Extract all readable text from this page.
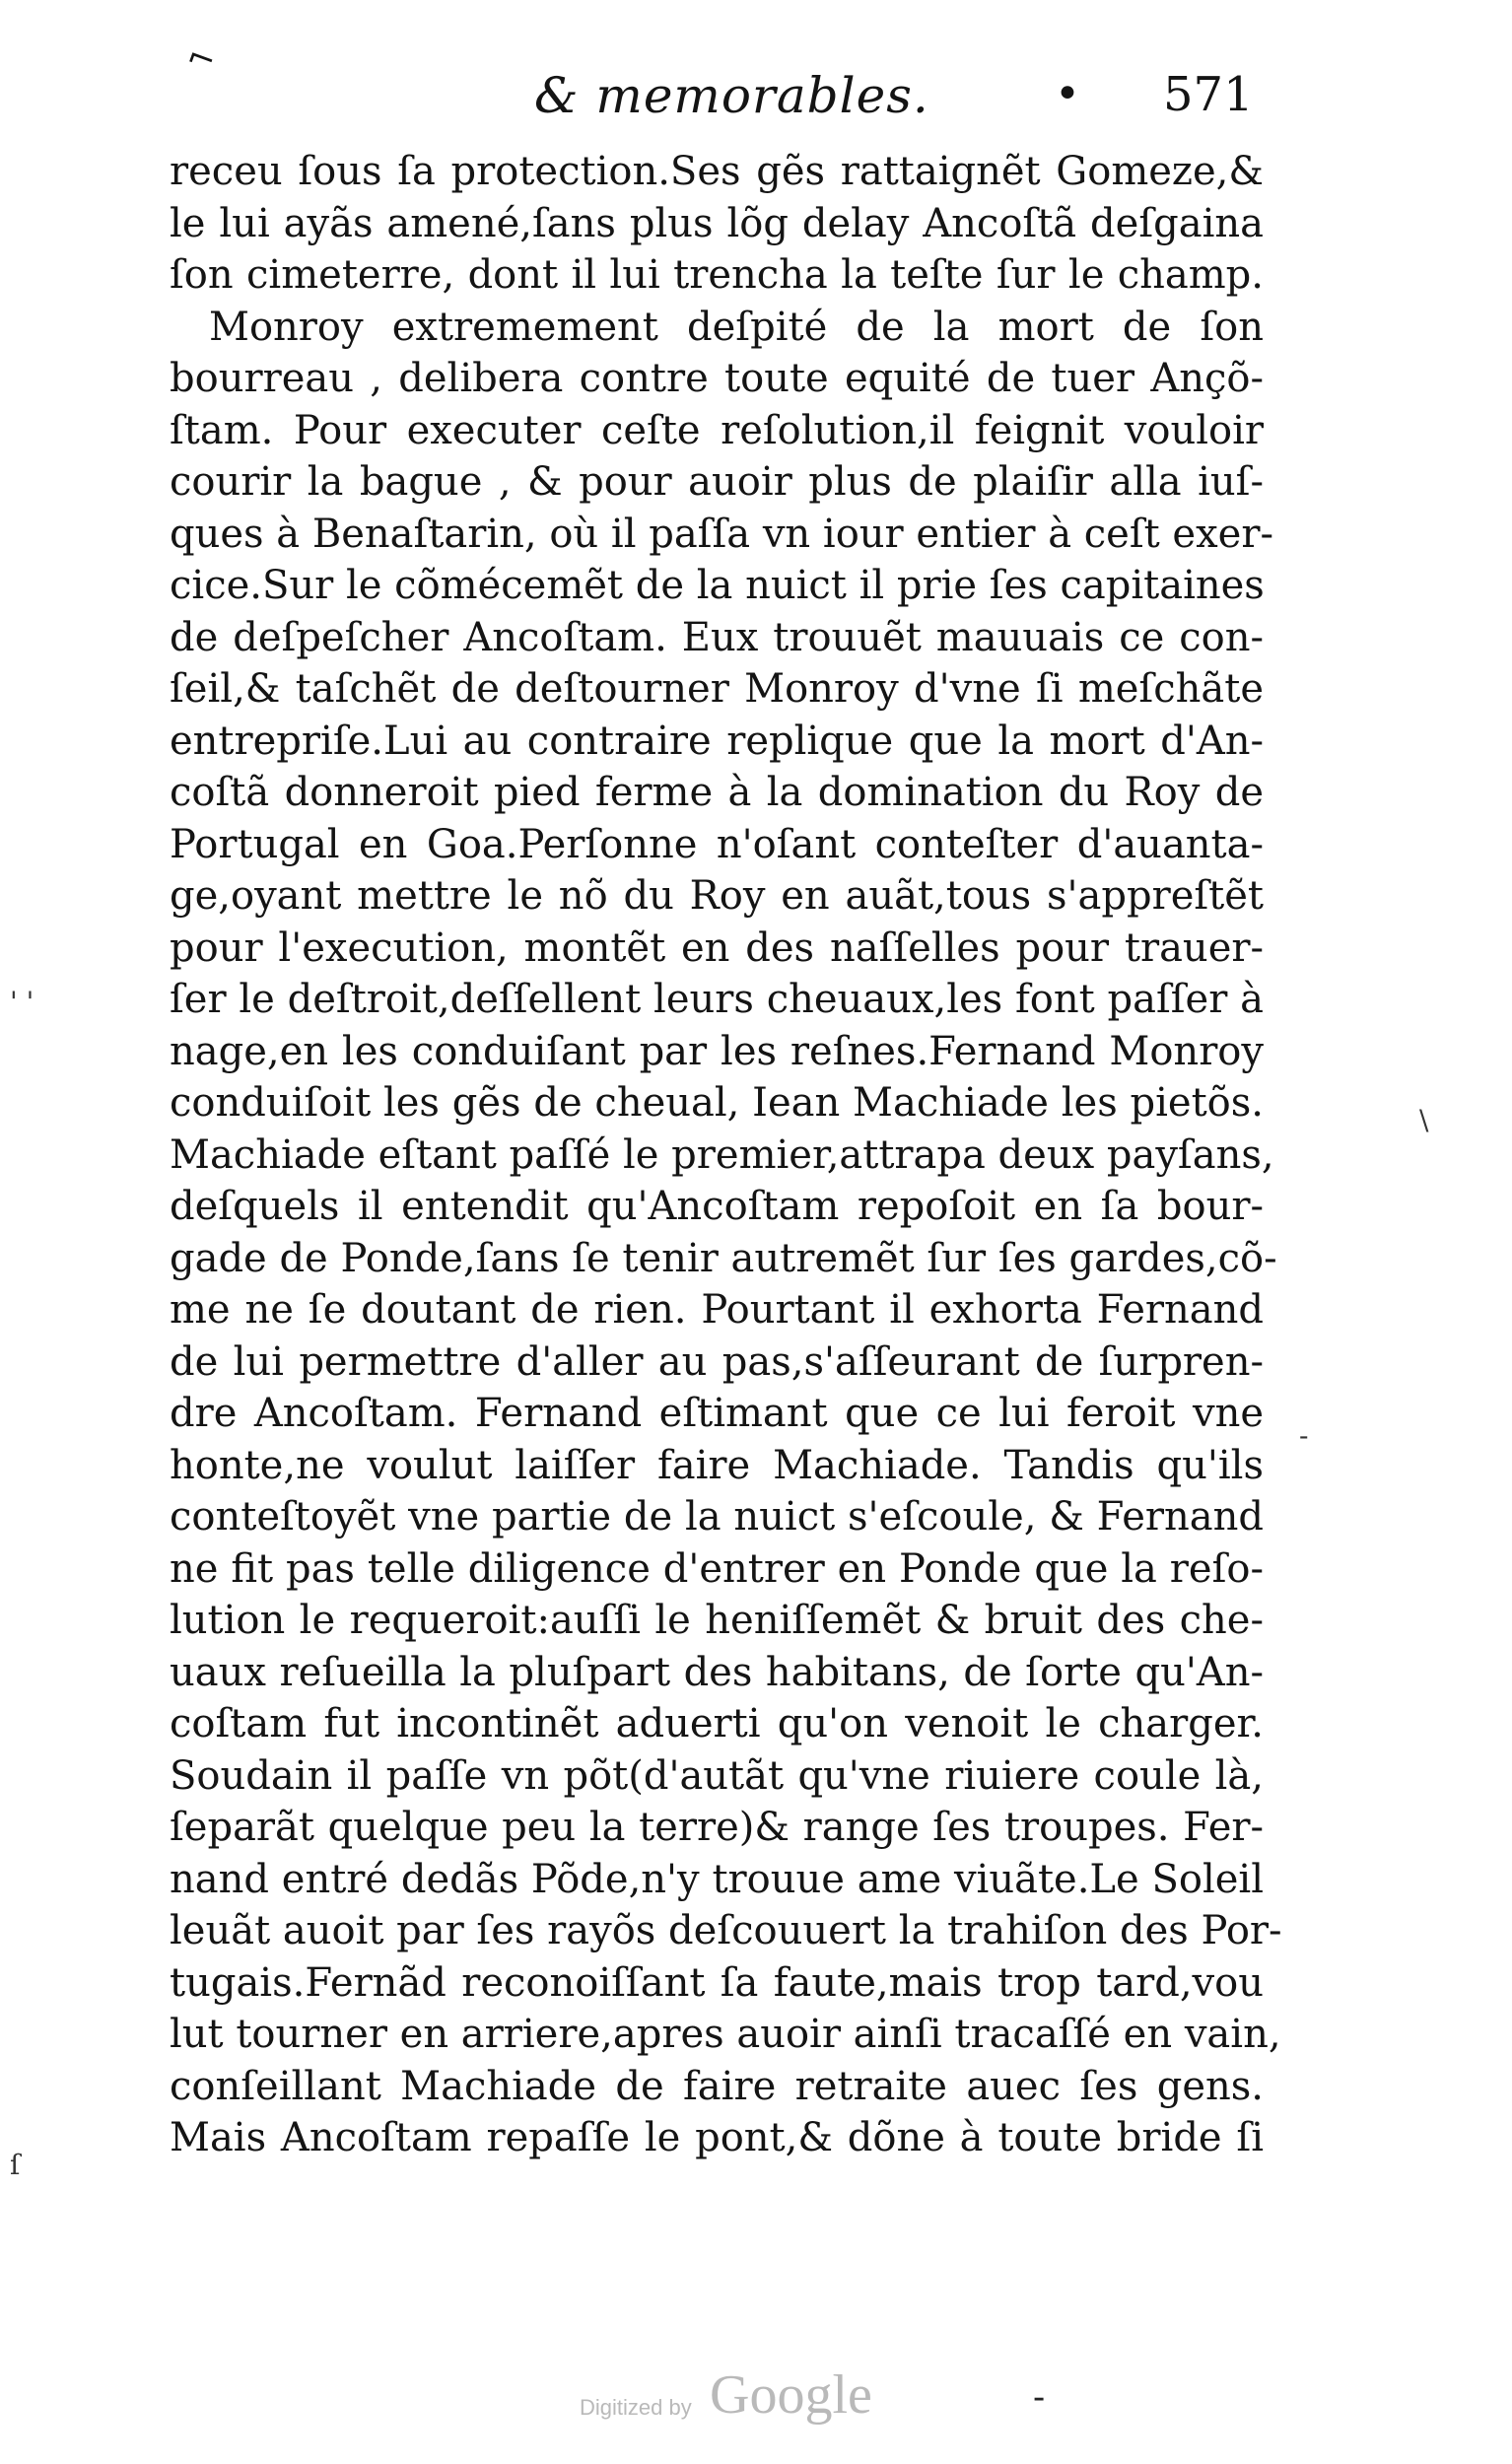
⌐
& memorables.	• 571
receu ſous ſa protection.Ses gẽs rattaignẽt Gomeze,&
le lui ayãs amené,ſans plus lõg delay Ancoſtã deſgaina
ſon cimeterre, dont il lui trencha la teſte ſur le champ.
Monroy extremement deſpité de la mort de ſon
bourreau , delibera contre toute equité de tuer Ançõ-
ſtam. Pour executer ceſte reſolution,il feignit vouloir
courir la bague , & pour auoir plus de plaiſir alla iuſ-
ques à Benaſtarin, où il paſſa vn iour entier à ceſt exer-
cice.Sur le cõmécemẽt de la nuict il prie ſes capitaines
de deſpeſcher Ancoſtam. Eux trouuẽt mauuais ce con-
ſeil,& taſchẽt de deſtourner Monroy d'vne ſi meſchãte
entrepriſe.Lui au contraire replique que la mort d'An-
coſtã donneroit pied ferme à la domination du Roy de
Portugal en Goa.Perſonne n'oſant conteſter d'auanta-
ge,oyant mettre le nõ du Roy en auãt,tous s'appreſtẽt
pour l'execution, montẽt en des naſſelles pour trauer-
ſer le deſtroit,deſſellent leurs cheuaux,les font paſſer à
nage,en les conduiſant par les reſnes.Fernand Monroy
conduiſoit les gẽs de cheual, Iean Machiade les pietõs.
Machiade eſtant paſſé le premier,attrapa deux payſans,
deſquels il entendit qu'Ancoſtam repoſoit en ſa bour-
gade de Ponde,ſans ſe tenir autremẽt ſur ſes gardes,cõ-
me ne ſe doutant de rien. Pourtant il exhorta Fernand
de lui permettre d'aller au pas,s'aſſeurant de ſurpren-
dre Ancoſtam. Fernand eſtimant que ce lui feroit vne
honte,ne voulut laiſſer faire Machiade. Tandis qu'ils
conteſtoyẽt vne partie de la nuict s'eſcoule, & Fernand
ne fit pas telle diligence d'entrer en Ponde que la reſo-
lution le requeroit:auſſi le heniſſemẽt & bruit des che-
uaux reſueilla la pluſpart des habitans, de ſorte qu'An-
coſtam fut incontinẽt aduerti qu'on venoit le charger.
Soudain il paſſe vn põt(d'autãt qu'vne riuiere coule là,
ſeparãt quelque peu la terre)& range ſes troupes. Fer-
nand entré dedãs Põde,n'y trouue ame viuãte.Le Soleil
leuãt auoit par ſes rayõs deſcouuert la trahiſon des Por-
tugais.Fernãd reconoiſſant ſa faute,mais trop tard,vou
lut tourner en arriere,apres auoir ainſi tracaſſé en vain,
conſeillant Machiade de faire retraite auec ſes gens.
Mais Ancoſtam repaſſe le pont,& dõne à toute bride ſi
' '
\
-
ſ
Digitized by Google	-
